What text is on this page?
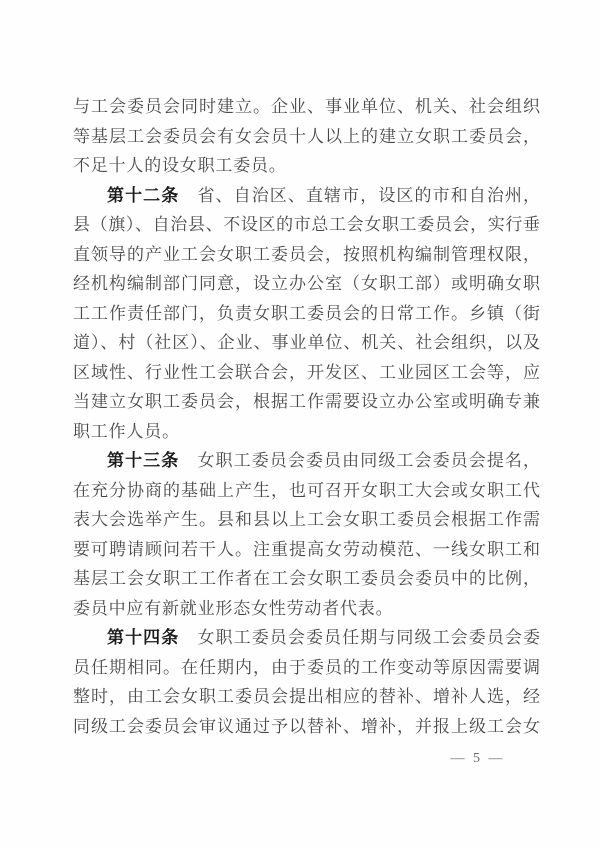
与工会委员会同时建立。企业、事业单位、机关、社会组织
等基层工会委员会有女会员十人以上的建立女职工委员会，
不足十人的设女职工委员。
第十二条　省、自治区、直辖市，设区的市和自治州，
县（旗）、自治县、不设区的市总工会女职工委员会，实行垂
直领导的产业工会女职工委员会，按照机构编制管理权限，
经机构编制部门同意，设立办公室（女职工部）或明确女职
工工作责任部门，负责女职工委员会的日常工作。乡镇（街
道）、村（社区）、企业、事业单位、机关、社会组织，以及
区域性、行业性工会联合会，开发区、工业园区工会等，应
当建立女职工委员会，根据工作需要设立办公室或明确专兼
职工作人员。
第十三条　女职工委员会委员由同级工会委员会提名，
在充分协商的基础上产生，也可召开女职工大会或女职工代
表大会选举产生。县和县以上工会女职工委员会根据工作需
要可聘请顾问若干人。注重提高女劳动模范、一线女职工和
基层工会女职工工作者在工会女职工委员会委员中的比例，
委员中应有新就业形态女性劳动者代表。
第十四条　女职工委员会委员任期与同级工会委员会委
员任期相同。在任期内，由于委员的工作变动等原因需要调
整时，由工会女职工委员会提出相应的替补、增补人选，经
同级工会委员会审议通过予以替补、增补，并报上级工会女
— 5 —
